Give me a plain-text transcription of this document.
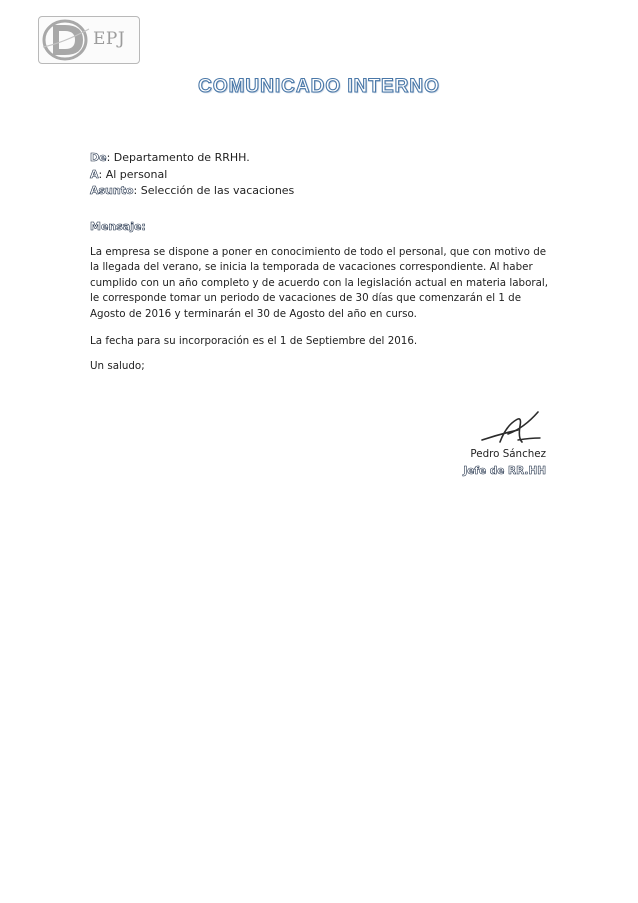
EPJ
COMUNICADO INTERNO
De: Departamento de RRHH.
A: Al personal
Asunto: Selección de las vacaciones
Mensaje:
La empresa se dispone a poner en conocimiento de todo el personal, que con motivo de la llegada del verano, se inicia la temporada de vacaciones correspondiente. Al haber cumplido con un año completo y de acuerdo con la legislación actual en materia laboral, le corresponde tomar un periodo de vacaciones de 30 días que comenzarán el 1 de Agosto de 2016 y terminarán el 30 de Agosto del año en curso.
La fecha para su incorporación es el 1 de Septiembre del 2016.
Un saludo;
Pedro Sánchez
Jefe de RR.HH
